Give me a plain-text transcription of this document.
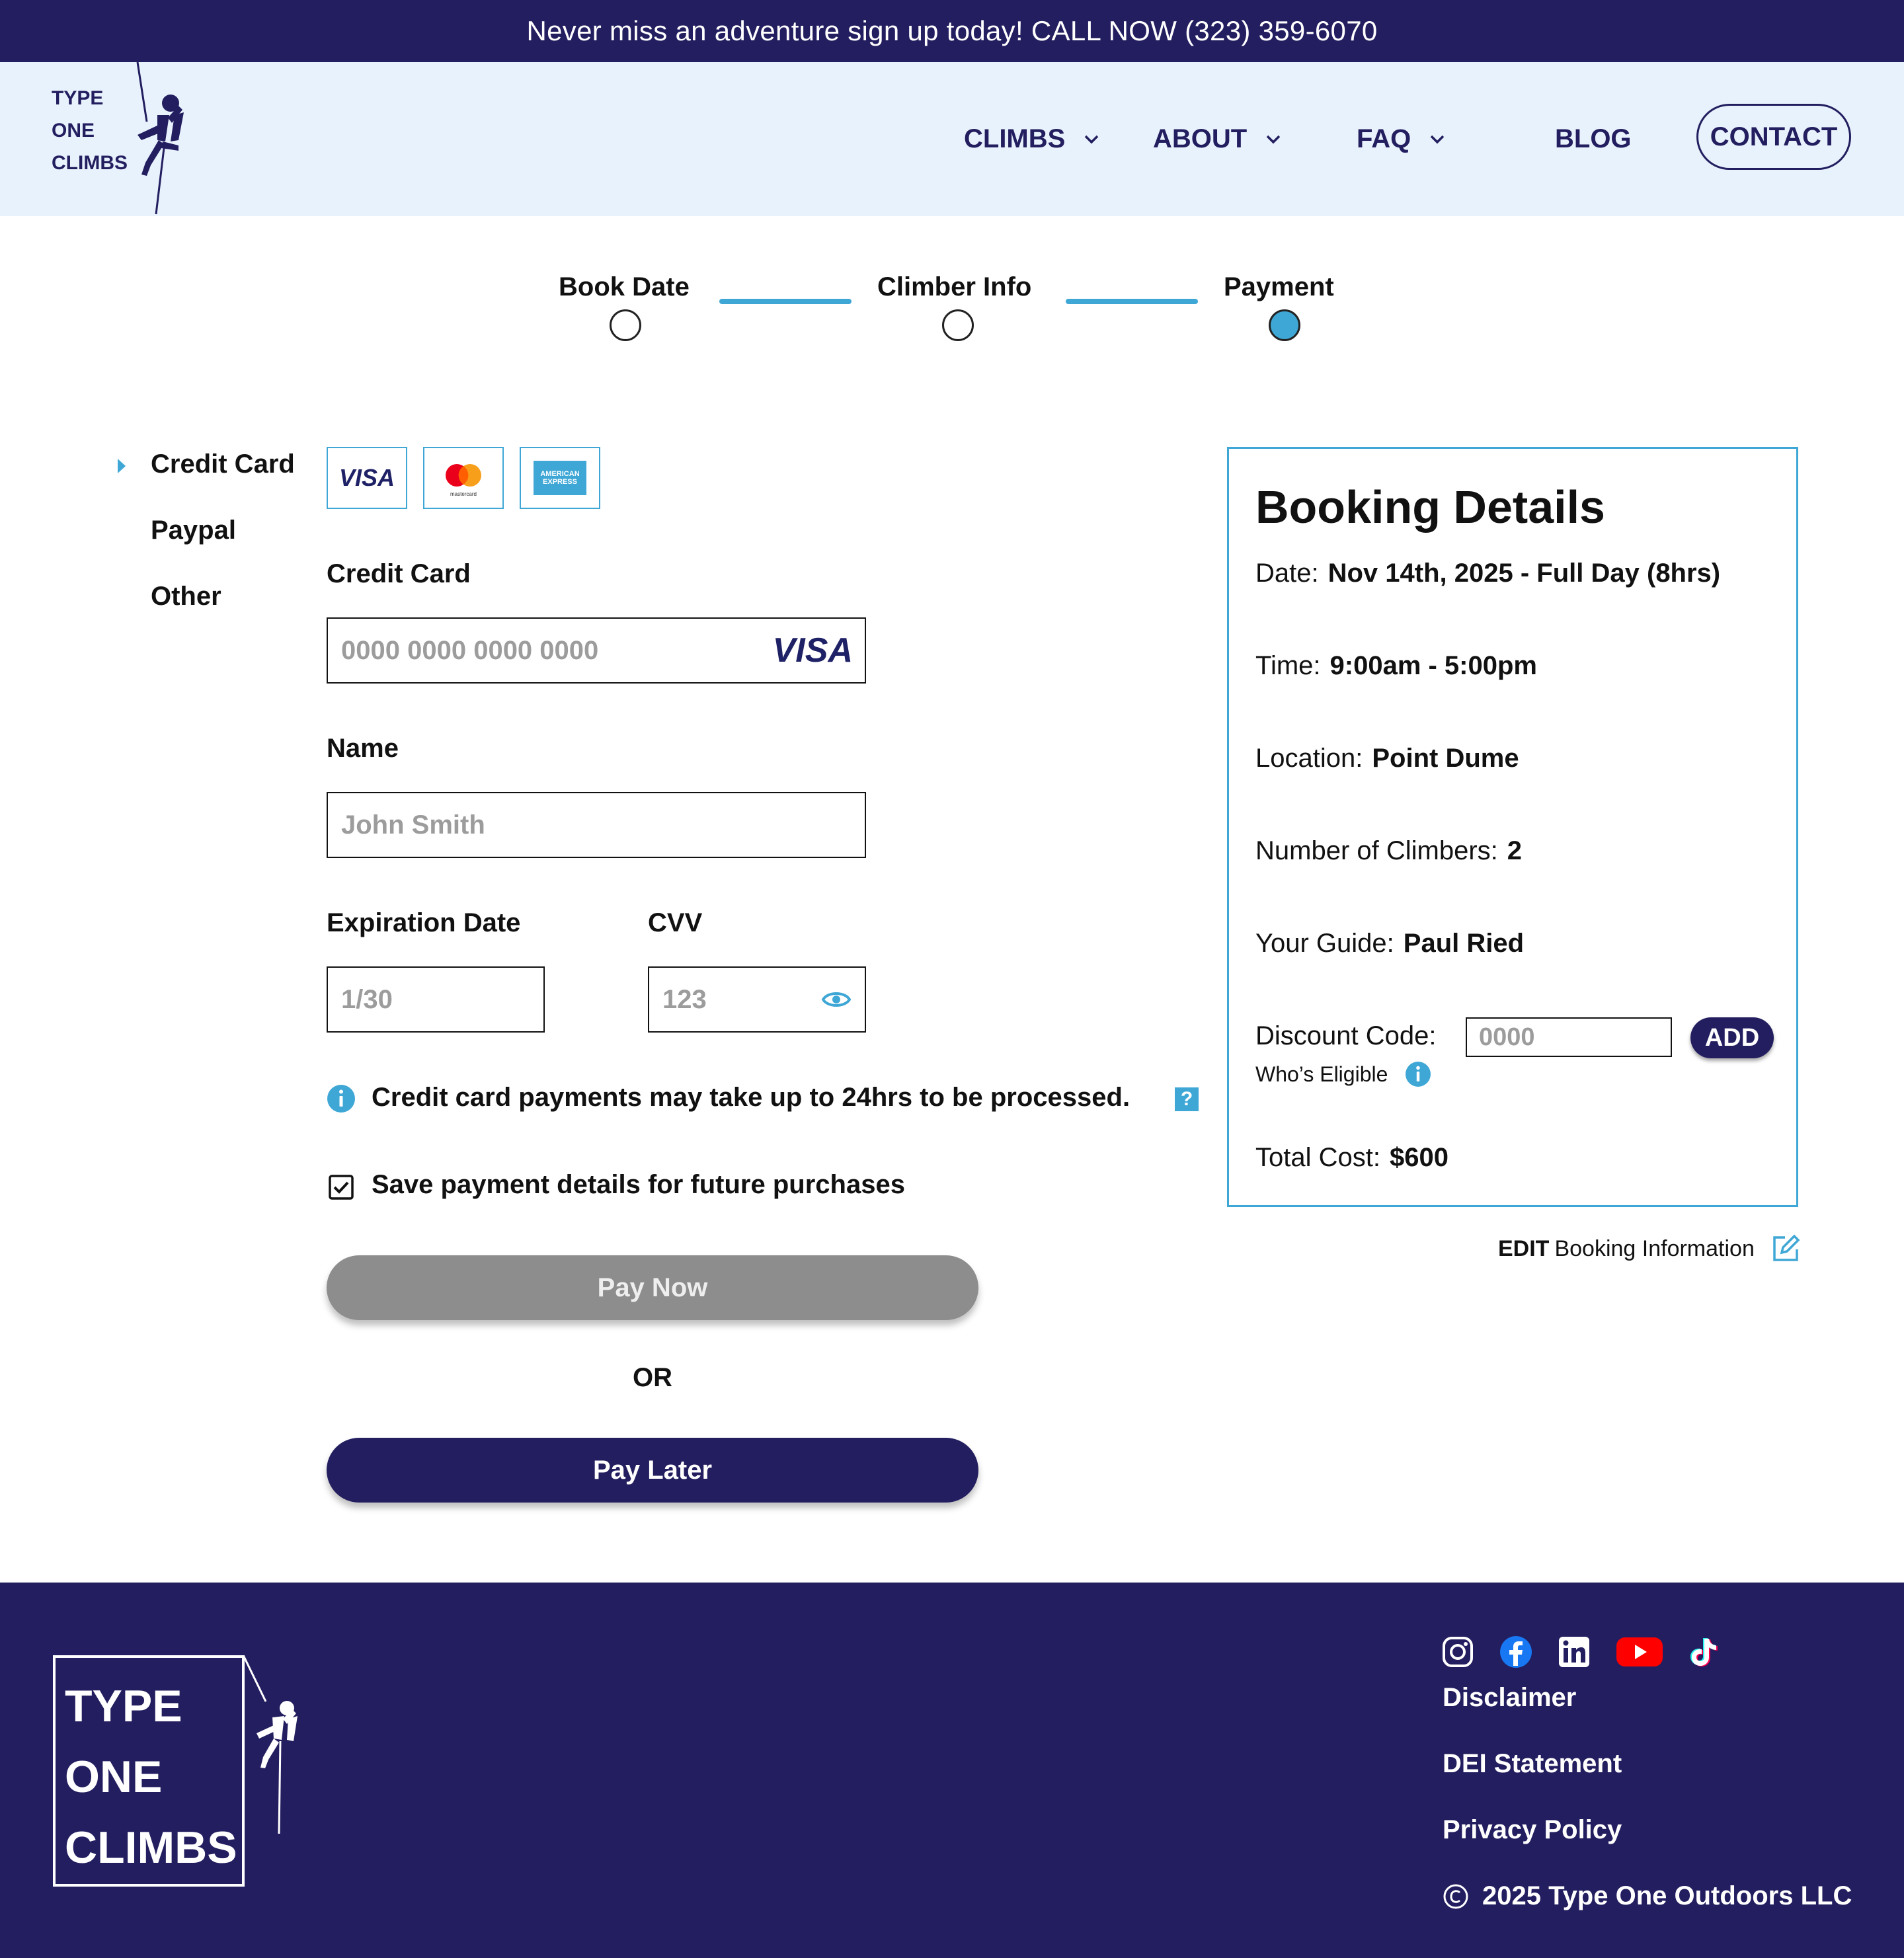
Never miss an adventure sign up today! CALL NOW (323) 359-6070
TYPE
ONE
CLIMBS
CLIMBS	ABOUT	FAQ	BLOG	CONTACT
Book Date	Climber Info	Payment
Credit Card
Paypal
Other
VISA
mastercard
AMERICAN EXPRESS
Credit Card
0000 0000 0000 0000	VISA
Name
John Smith
Expiration Date
1/30
CVV
123
Credit card payments may take up to 24hrs to be processed.	?
Save payment details for future purchases
Pay Now
OR
Pay Later
Booking Details
Date: Nov 14th, 2025 - Full Day (8hrs)
Time: 9:00am - 5:00pm
Location: Point Dume
Number of Climbers: 2
Your Guide: Paul Ried
Discount Code: 0000	ADD
Who’s Eligible
Total Cost: $600
EDIT Booking Information
TYPE
ONE
CLIMBS
Disclaimer
DEI Statement
Privacy Policy
2025 Type One Outdoors LLC
